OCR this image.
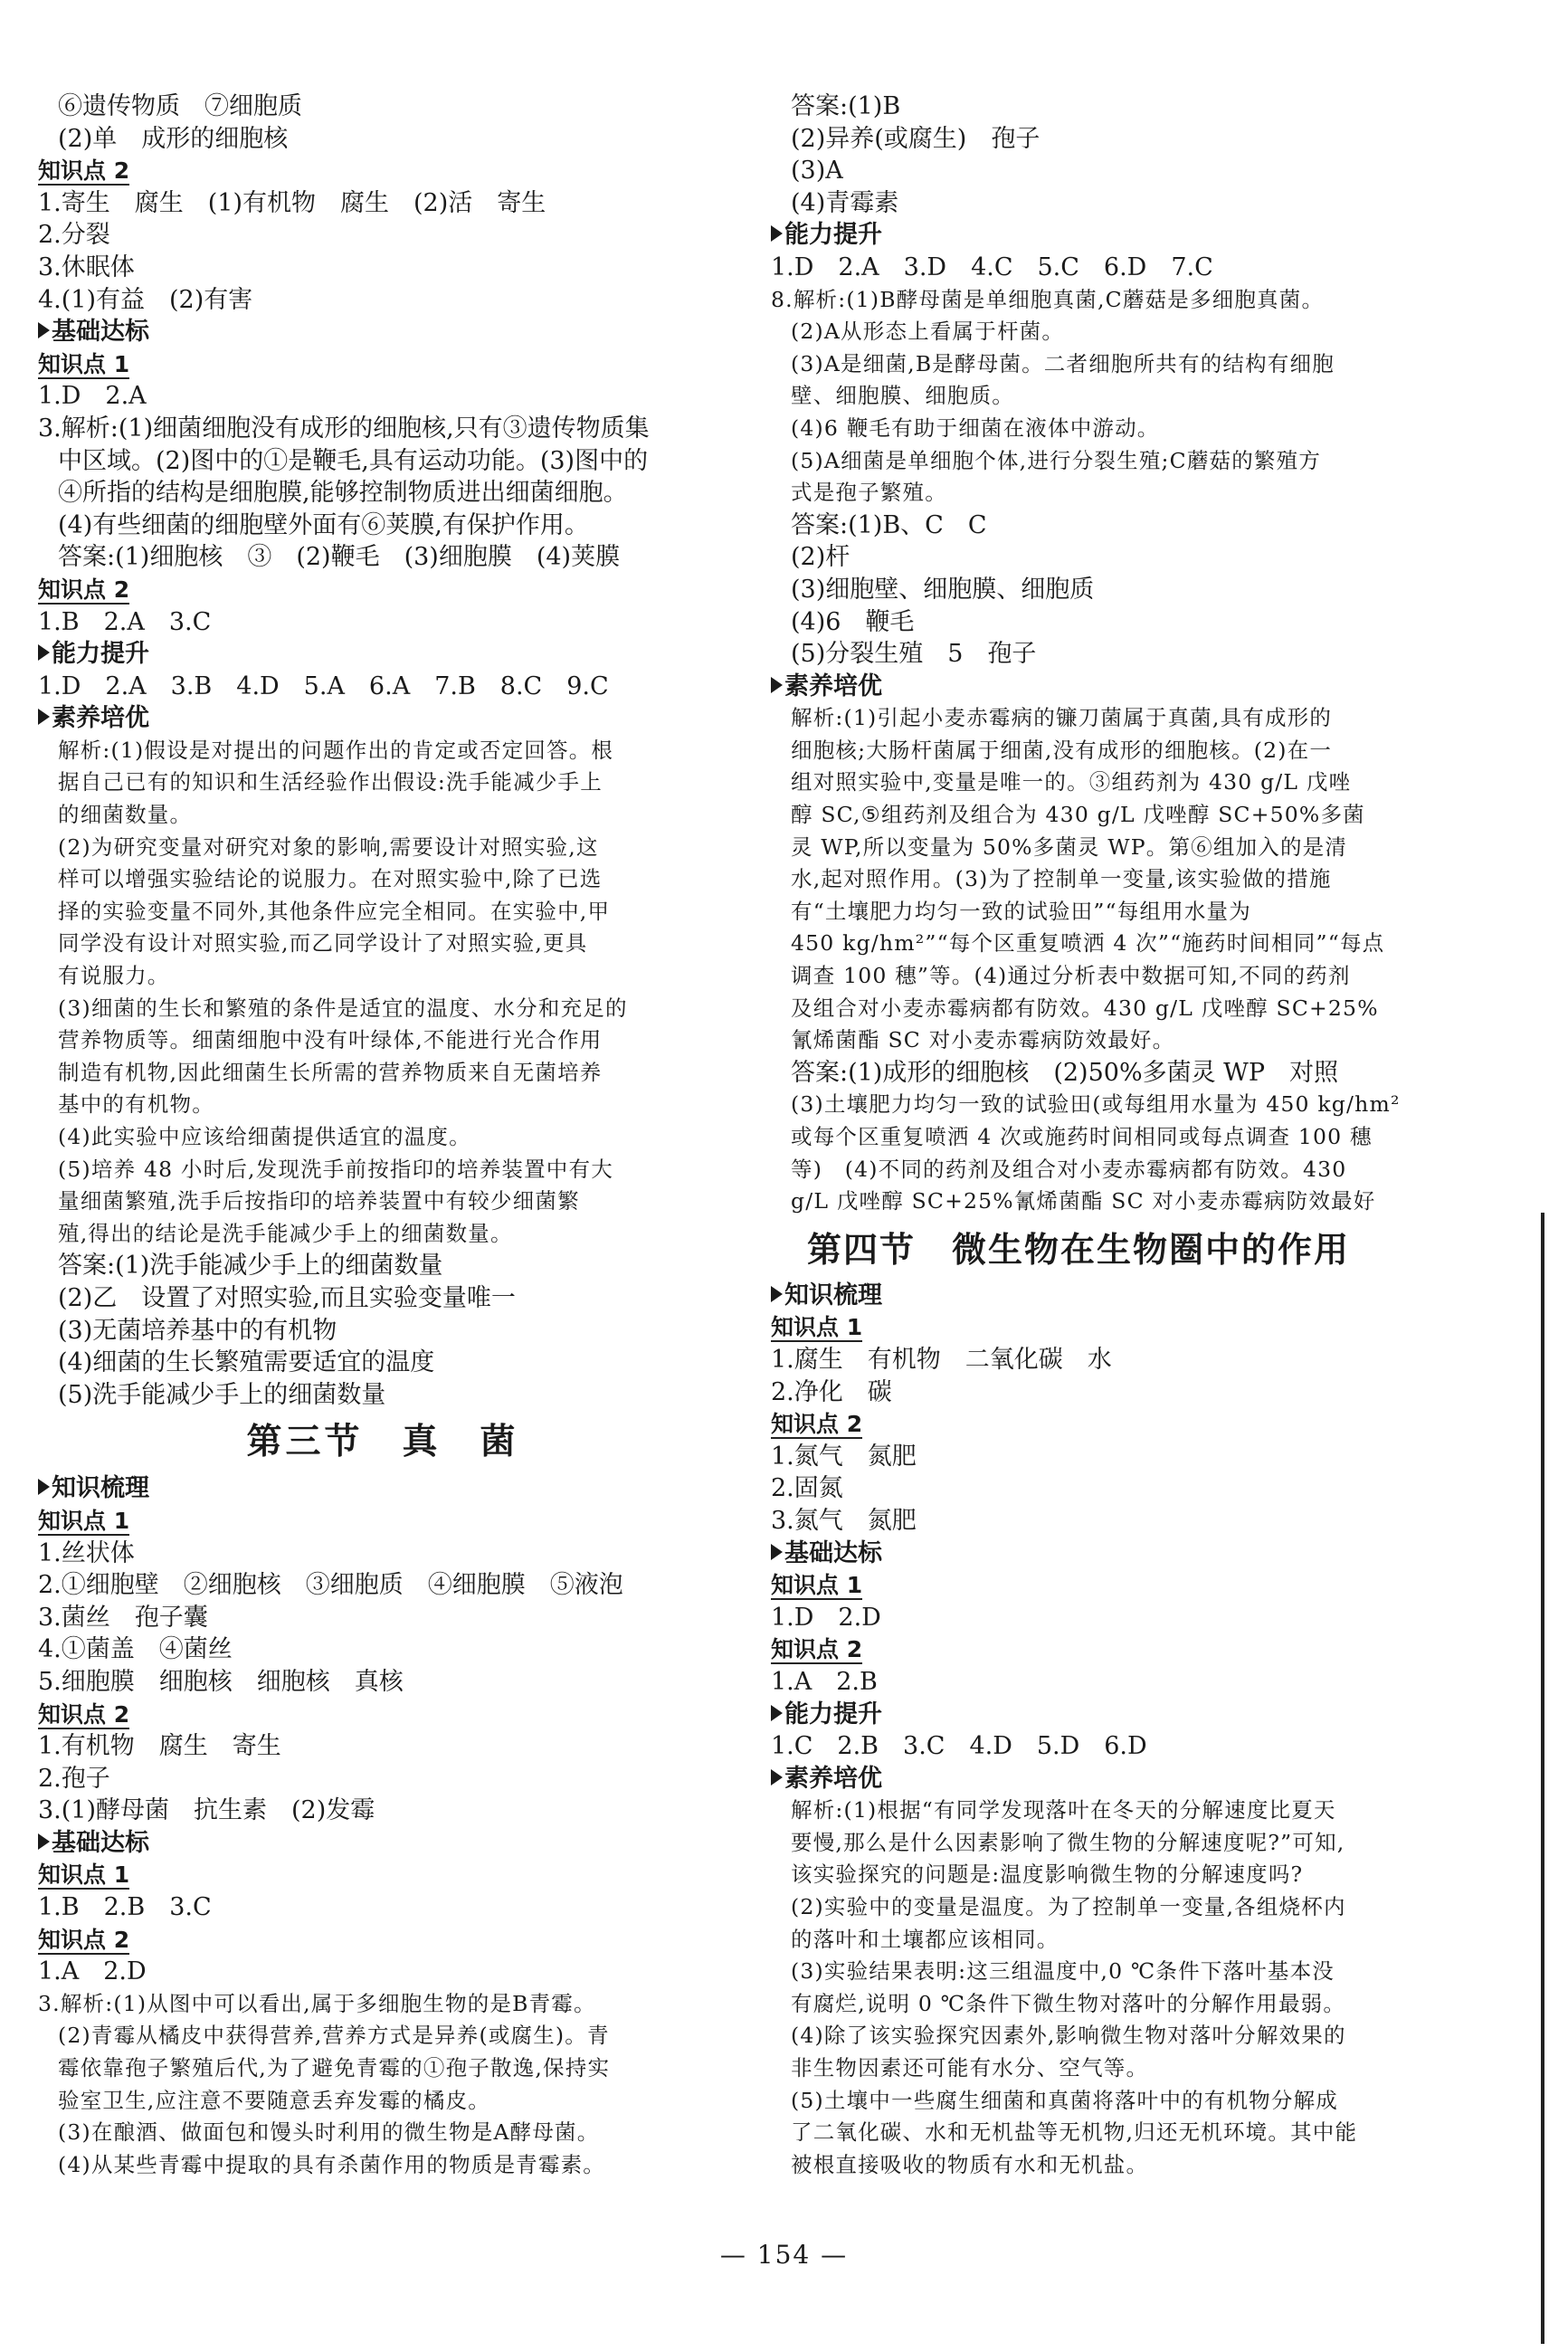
⑥遗传物质　⑦细胞质
(2)单　成形的细胞核
知识点 2
1.寄生　腐生　(1)有机物　腐生　(2)活　寄生
2.分裂
3.休眠体
4.(1)有益　(2)有害
基础达标
知识点 1
1.D　2.A
3.解析:(1)细菌细胞没有成形的细胞核,只有③遗传物质集
中区域。(2)图中的①是鞭毛,具有运动功能。(3)图中的
④所指的结构是细胞膜,能够控制物质进出细菌细胞。
(4)有些细菌的细胞壁外面有⑥荚膜,有保护作用。
答案:(1)细胞核　③　(2)鞭毛　(3)细胞膜　(4)荚膜
知识点 2
1.B　2.A　3.C
能力提升
1.D　2.A　3.B　4.D　5.A　6.A　7.B　8.C　9.C
素养培优
解析:(1)假设是对提出的问题作出的肯定或否定回答。根
据自己已有的知识和生活经验作出假设:洗手能减少手上
的细菌数量。
(2)为研究变量对研究对象的影响,需要设计对照实验,这
样可以增强实验结论的说服力。在对照实验中,除了已选
择的实验变量不同外,其他条件应完全相同。在实验中,甲
同学没有设计对照实验,而乙同学设计了对照实验,更具
有说服力。
(3)细菌的生长和繁殖的条件是适宜的温度、水分和充足的
营养物质等。细菌细胞中没有叶绿体,不能进行光合作用
制造有机物,因此细菌生长所需的营养物质来自无菌培养
基中的有机物。
(4)此实验中应该给细菌提供适宜的温度。
(5)培养 48 小时后,发现洗手前按指印的培养装置中有大
量细菌繁殖,洗手后按指印的培养装置中有较少细菌繁
殖,得出的结论是洗手能减少手上的细菌数量。
答案:(1)洗手能减少手上的细菌数量
(2)乙　设置了对照实验,而且实验变量唯一
(3)无菌培养基中的有机物
(4)细菌的生长繁殖需要适宜的温度
(5)洗手能减少手上的细菌数量
第三节　真　菌
知识梳理
知识点 1
1.丝状体
2.①细胞壁　②细胞核　③细胞质　④细胞膜　⑤液泡
3.菌丝　孢子囊
4.①菌盖　④菌丝
5.细胞膜　细胞核　细胞核　真核
知识点 2
1.有机物　腐生　寄生
2.孢子
3.(1)酵母菌　抗生素　(2)发霉
基础达标
知识点 1
1.B　2.B　3.C
知识点 2
1.A　2.D
3.解析:(1)从图中可以看出,属于多细胞生物的是B青霉。
(2)青霉从橘皮中获得营养,营养方式是异养(或腐生)。青
霉依靠孢子繁殖后代,为了避免青霉的①孢子散逸,保持实
验室卫生,应注意不要随意丢弃发霉的橘皮。
(3)在酿酒、做面包和馒头时利用的微生物是A酵母菌。
(4)从某些青霉中提取的具有杀菌作用的物质是青霉素。
答案:(1)B
(2)异养(或腐生)　孢子
(3)A
(4)青霉素
能力提升
1.D　2.A　3.D　4.C　5.C　6.D　7.C
8.解析:(1)B酵母菌是单细胞真菌,C蘑菇是多细胞真菌。
(2)A从形态上看属于杆菌。
(3)A是细菌,B是酵母菌。二者细胞所共有的结构有细胞
壁、细胞膜、细胞质。
(4)6 鞭毛有助于细菌在液体中游动。
(5)A细菌是单细胞个体,进行分裂生殖;C蘑菇的繁殖方
式是孢子繁殖。
答案:(1)B、C　C
(2)杆
(3)细胞壁、细胞膜、细胞质
(4)6　鞭毛
(5)分裂生殖　5　孢子
素养培优
解析:(1)引起小麦赤霉病的镰刀菌属于真菌,具有成形的
细胞核;大肠杆菌属于细菌,没有成形的细胞核。(2)在一
组对照实验中,变量是唯一的。③组药剂为 430 g/L 戊唑
醇 SC,⑤组药剂及组合为 430 g/L 戊唑醇 SC+50%多菌
灵 WP,所以变量为 50%多菌灵 WP。第⑥组加入的是清
水,起对照作用。(3)为了控制单一变量,该实验做的措施
有“土壤肥力均匀一致的试验田”“每组用水量为
450 kg/hm²”“每个区重复喷洒 4 次”“施药时间相同”“每点
调查 100 穗”等。(4)通过分析表中数据可知,不同的药剂
及组合对小麦赤霉病都有防效。430 g/L 戊唑醇 SC+25%
氰烯菌酯 SC 对小麦赤霉病防效最好。
答案:(1)成形的细胞核　(2)50%多菌灵 WP　对照
(3)土壤肥力均匀一致的试验田(或每组用水量为 450 kg/hm²
或每个区重复喷洒 4 次或施药时间相同或每点调查 100 穗
等)　(4)不同的药剂及组合对小麦赤霉病都有防效。430
g/L 戊唑醇 SC+25%氰烯菌酯 SC 对小麦赤霉病防效最好
第四节　微生物在生物圈中的作用
知识梳理
知识点 1
1.腐生　有机物　二氧化碳　水
2.净化　碳
知识点 2
1.氮气　氮肥
2.固氮
3.氮气　氮肥
基础达标
知识点 1
1.D　2.D
知识点 2
1.A　2.B
能力提升
1.C　2.B　3.C　4.D　5.D　6.D
素养培优
解析:(1)根据“有同学发现落叶在冬天的分解速度比夏天
要慢,那么是什么因素影响了微生物的分解速度呢?”可知,
该实验探究的问题是:温度影响微生物的分解速度吗?
(2)实验中的变量是温度。为了控制单一变量,各组烧杯内
的落叶和土壤都应该相同。
(3)实验结果表明:这三组温度中,0 ℃条件下落叶基本没
有腐烂,说明 0 ℃条件下微生物对落叶的分解作用最弱。
(4)除了该实验探究因素外,影响微生物对落叶分解效果的
非生物因素还可能有水分、空气等。
(5)土壤中一些腐生细菌和真菌将落叶中的有机物分解成
了二氧化碳、水和无机盐等无机物,归还无机环境。其中能
被根直接吸收的物质有水和无机盐。
— 154 —
